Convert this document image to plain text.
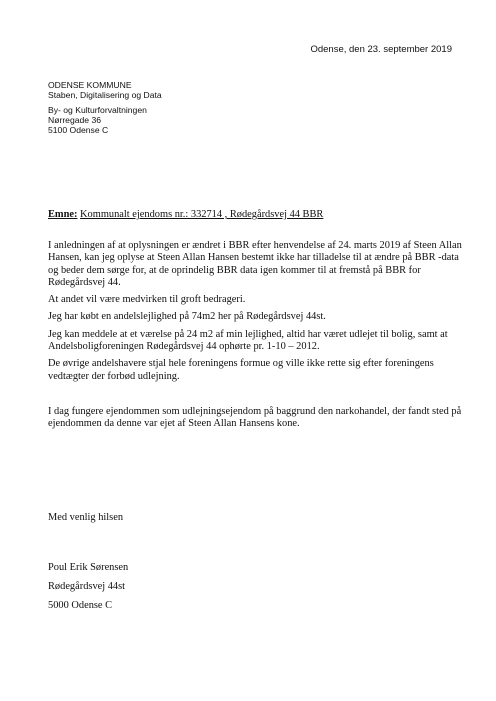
Odense, den 23. september 2019
ODENSE KOMMUNE
Staben, Digitalisering og Data
By- og Kulturforvaltningen
Nørregade 36
5100 Odense C
Emne: Kommunalt ejendoms nr.: 332714 , Rødegårdsvej 44 BBR

I anledningen af at oplysningen er ændret i BBR efter henvendelse af 24. marts 2019 af Steen Allan Hansen, kan jeg oplyse at Steen Allan Hansen bestemt ikke har tilladelse til at ændre på BBR -data og beder dem sørge for, at de oprindelig BBR data igen kommer til at fremstå på BBR for Rødegårdsvej 44.

At andet vil være medvirken til groft bedrageri.

Jeg har købt en andelslejlighed på 74m2 her på Rødegårdsvej 44st.

Jeg kan meddele at et værelse på 24 m2 af min lejlighed, altid har været udlejet til bolig, samt at Andelsboligforeningen Rødegårdsvej 44 ophørte pr. 1-10 – 2012.

De øvrige andelshavere stjal hele foreningens formue og ville ikke rette sig efter foreningens vedtægter der forbød udlejning.

I dag fungere ejendommen som udlejningsejendom på baggrund den narkohandel, der fandt sted på ejendommen da denne var ejet af Steen Allan Hansens kone.

Med venlig hilsen
Poul Erik Sørensen
Rødegårdsvej 44st
5000 Odense C
